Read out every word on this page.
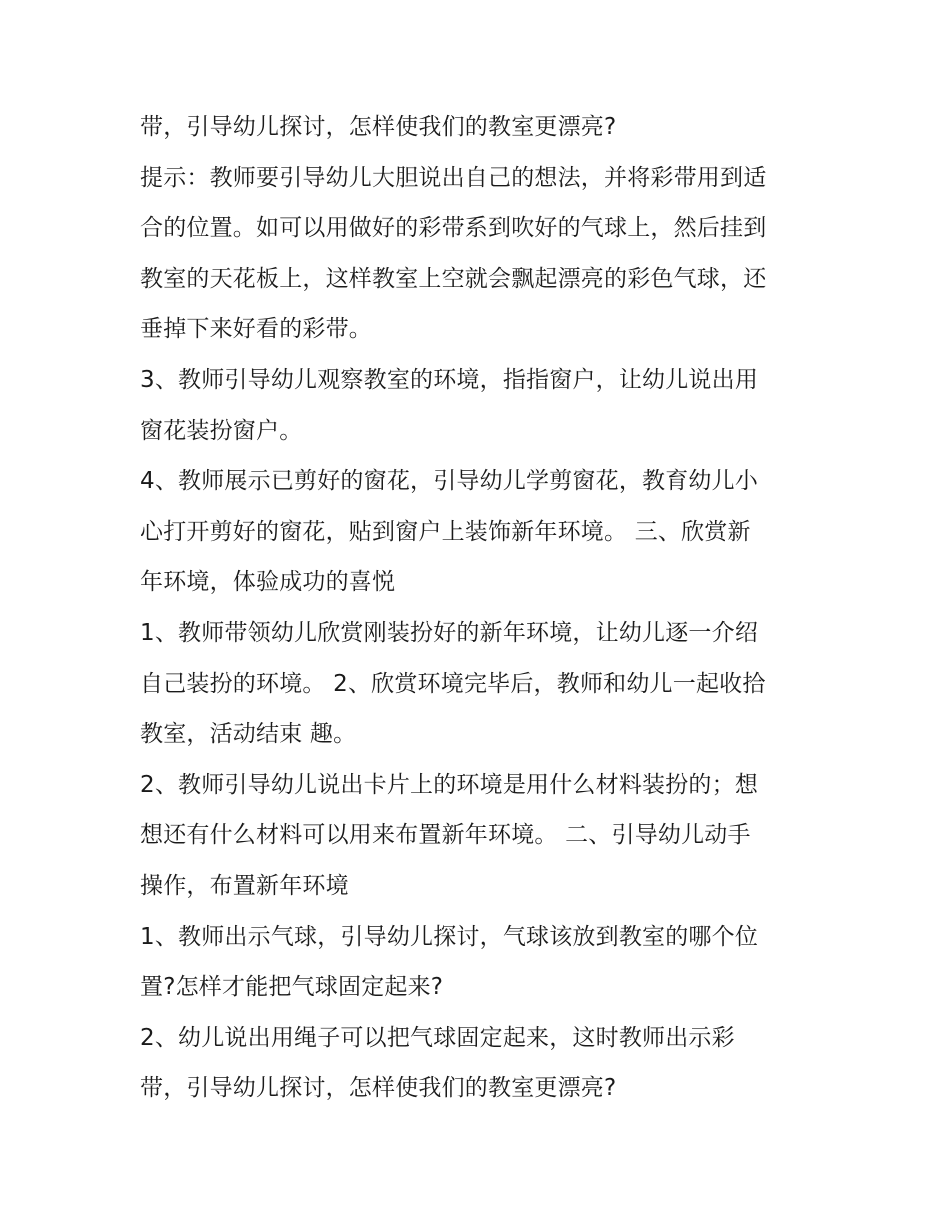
带，引导幼儿探讨，怎样使我们的教室更漂亮?
提示：教师要引导幼儿大胆说出自己的想法，并将彩带用到适
合的位置。如可以用做好的彩带系到吹好的气球上，然后挂到
教室的天花板上，这样教室上空就会飘起漂亮的彩色气球，还
垂掉下来好看的彩带。
3、教师引导幼儿观察教室的环境，指指窗户，让幼儿说出用
窗花装扮窗户。
4、教师展示已剪好的窗花，引导幼儿学剪窗花，教育幼儿小
心打开剪好的窗花，贴到窗户上装饰新年环境。 三、欣赏新
年环境，体验成功的喜悦
1、教师带领幼儿欣赏刚装扮好的新年环境，让幼儿逐一介绍
自己装扮的环境。 2、欣赏环境完毕后，教师和幼儿一起收拾
教室，活动结束 趣。
2、教师引导幼儿说出卡片上的环境是用什么材料装扮的；想
想还有什么材料可以用来布置新年环境。 二、引导幼儿动手
操作，布置新年环境
1、教师出示气球，引导幼儿探讨，气球该放到教室的哪个位
置?怎样才能把气球固定起来?
2、幼儿说出用绳子可以把气球固定起来，这时教师出示彩
带，引导幼儿探讨，怎样使我们的教室更漂亮?
